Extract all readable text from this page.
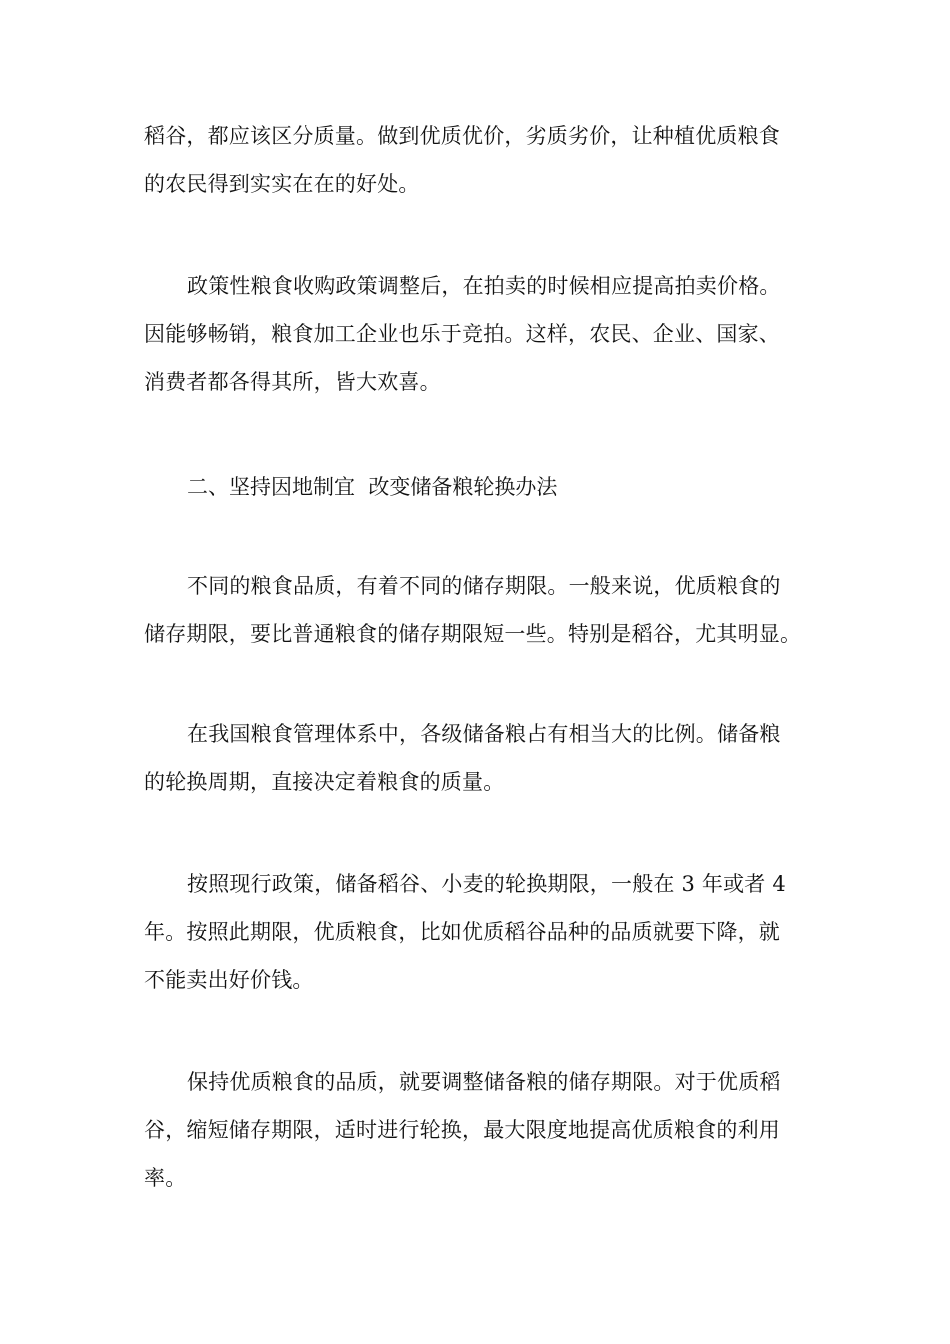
稻谷，都应该区分质量。做到优质优价，劣质劣价，让种植优质粮食
的农民得到实实在在的好处。

政策性粮食收购政策调整后，在拍卖的时候相应提高拍卖价格。
因能够畅销，粮食加工企业也乐于竞拍。这样，农民、企业、国家、
消费者都各得其所，皆大欢喜。

二、坚持因地制宜  改变储备粮轮换办法

不同的粮食品质，有着不同的储存期限。一般来说，优质粮食的
储存期限，要比普通粮食的储存期限短一些。特别是稻谷，尤其明显。

在我国粮食管理体系中，各级储备粮占有相当大的比例。储备粮
的轮换周期，直接决定着粮食的质量。

按照现行政策，储备稻谷、小麦的轮换期限，一般在 3 年或者 4
年。按照此期限，优质粮食，比如优质稻谷品种的品质就要下降，就
不能卖出好价钱。

保持优质粮食的品质，就要调整储备粮的储存期限。对于优质稻
谷，缩短储存期限，适时进行轮换，最大限度地提高优质粮食的利用
率。
